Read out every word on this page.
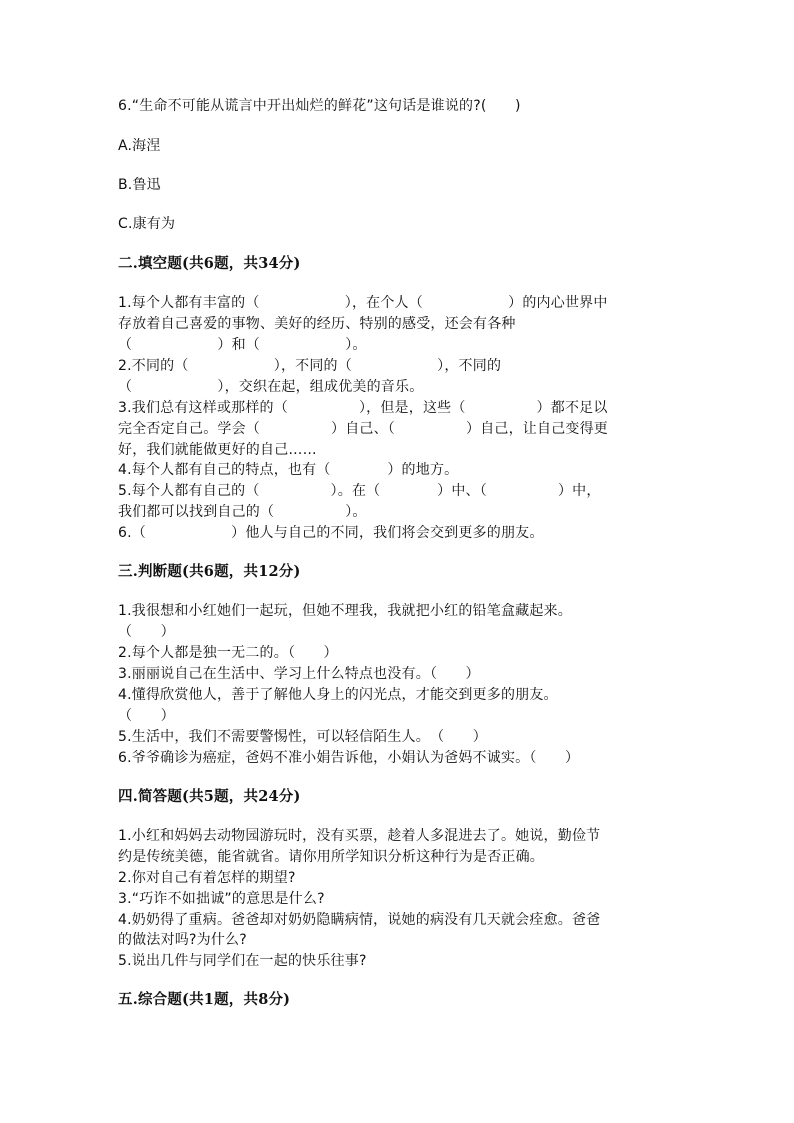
6.“生命不可能从谎言中开出灿烂的鲜花”这句话是谁说的?(　　)
A.海涅
B.鲁迅
C.康有为
二.填空题(共6题，共34分)
1.每个人都有丰富的（　　　　　　），在个人（　　　　　　）的内心世界中
存放着自己喜爱的事物、美好的经历、特别的感受，还会有各种
（　　　　　　）和（　　　　　　）。
2.不同的（　　　　　　），不同的（　　　　　　），不同的
（　　　　　　），交织在起，组成优美的音乐。
3.我们总有这样或那样的（　　　　　），但是，这些（　　　　　）都不足以
完全否定自己。学会（　　　　　）自己、（　　　　　）自己，让自己变得更
好，我们就能做更好的自己……
4.每个人都有自己的特点，也有（　　　　）的地方。
5.每个人都有自己的（　　　　　）。在（　　　　）中、（　　　　　）中，
我们都可以找到自己的（　　　　　）。
6.（　　　　　　）他人与自己的不同，我们将会交到更多的朋友。
三.判断题(共6题，共12分)
1.我很想和小红她们一起玩，但她不理我，我就把小红的铅笔盒藏起来。
（　　）
2.每个人都是独一无二的。（　　）
3.丽丽说自己在生活中、学习上什么特点也没有。（　　）
4.懂得欣赏他人，善于了解他人身上的闪光点，才能交到更多的朋友。
（　　）
5.生活中，我们不需要警惕性，可以轻信陌生人。　（　　）
6.爷爷确诊为癌症，爸妈不准小娟告诉他，小娟认为爸妈不诚实。（　　）
四.简答题(共5题，共24分)
1.小红和妈妈去动物园游玩时，没有买票，趁着人多混进去了。她说，勤俭节
约是传统美德，能省就省。请你用所学知识分析这种行为是否正确。
2.你对自己有着怎样的期望?
3.“巧诈不如拙诚”的意思是什么?
4.奶奶得了重病。爸爸却对奶奶隐瞒病情，说她的病没有几天就会痊愈。爸爸
的做法对吗?为什么?
5.说出几件与同学们在一起的快乐往事?
五.综合题(共1题，共8分)
